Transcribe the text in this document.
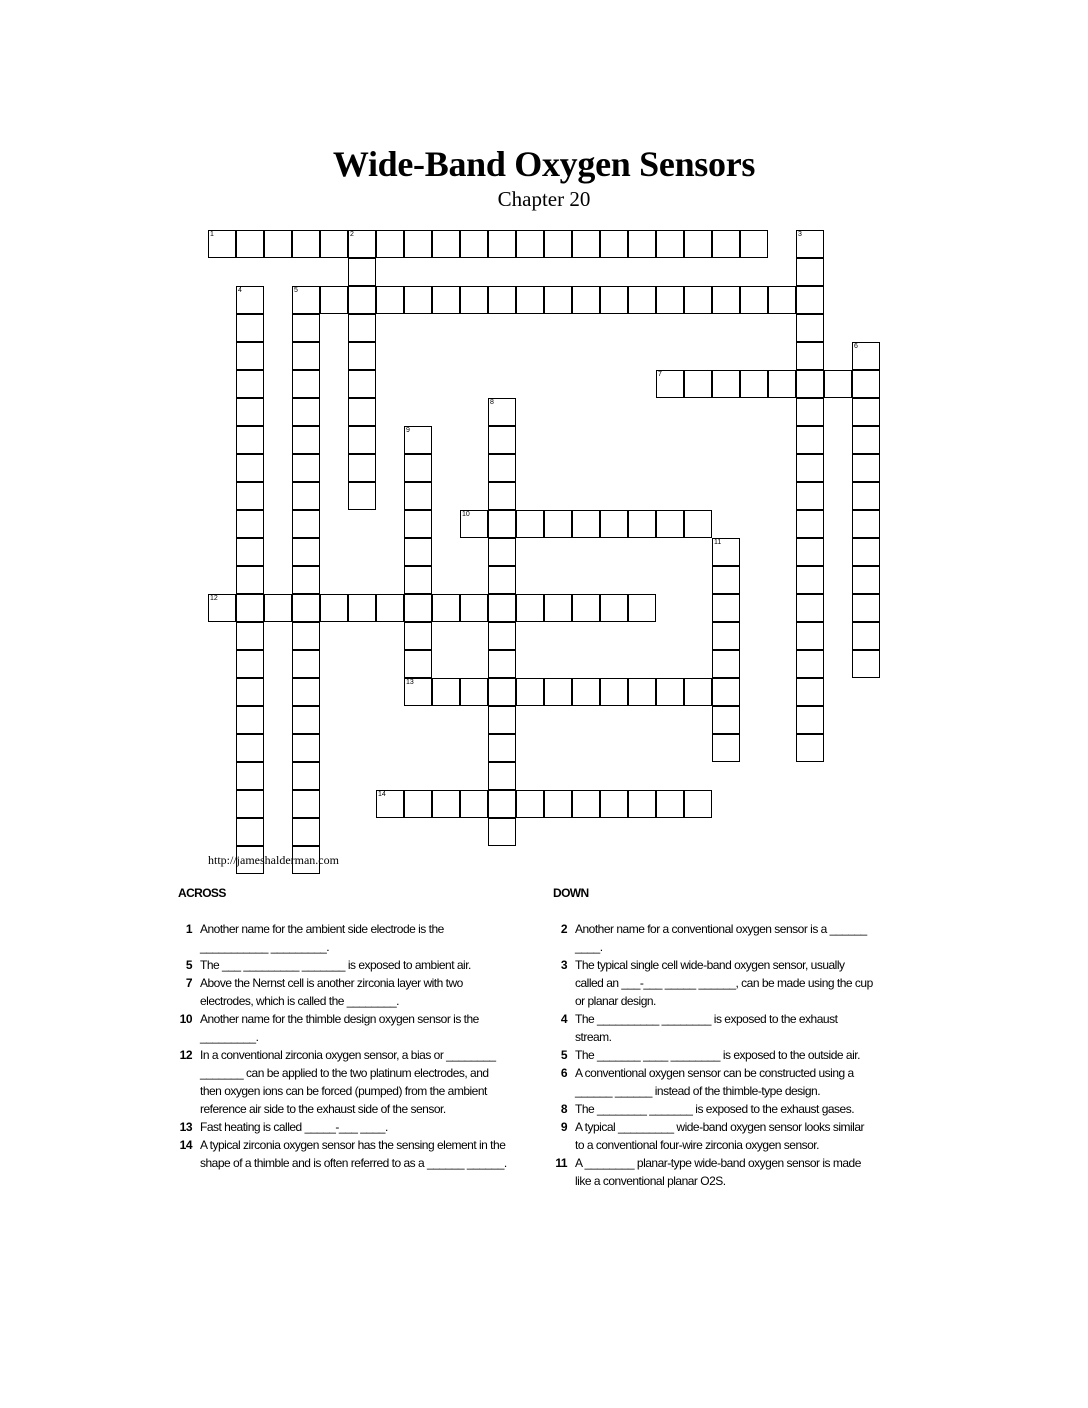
Wide-Band Oxygen Sensors
Chapter 20
1	2	3
4	5
6
7
8
9
13
10
11
12
14
http://jameshalderman.com
ACROSS	DOWN
1 Another name for the ambient side electrode is the ___________ _________.
5 The ___ _________ _______ is exposed to ambient air.
7 Above the Nernst cell is another zirconia layer with two electrodes, which is called the ________.
10 Another name for the thimble design oxygen sensor is the _________.
12 In a conventional zirconia oxygen sensor, a bias or ________ _______ can be applied to the two platinum electrodes, and then oxygen ions can be forced (pumped) from the ambient reference air side to the exhaust side of the sensor.
13 Fast heating is called _____-___ ____.
14 A typical zirconia oxygen sensor has the sensing element in the shape of a thimble and is often referred to as a ______ ______.
2 Another name for a conventional oxygen sensor is a ______ ____.
3 The typical single cell wide-band oxygen sensor, usually called an ___-___ _____ ______, can be made using the cup or planar design.
4 The __________ ________ is exposed to the exhaust stream.
5 The _______ ____ ________ is exposed to the outside air.
6 A conventional oxygen sensor can be constructed using a ______ ______ instead of the thimble-type design.
8 The ________ _______ is exposed to the exhaust gases.
9 A typical _________ wide-band oxygen sensor looks similar to a conventional four-wire zirconia oxygen sensor.
11 A ________ planar-type wide-band oxygen sensor is made like a conventional planar O2S.
